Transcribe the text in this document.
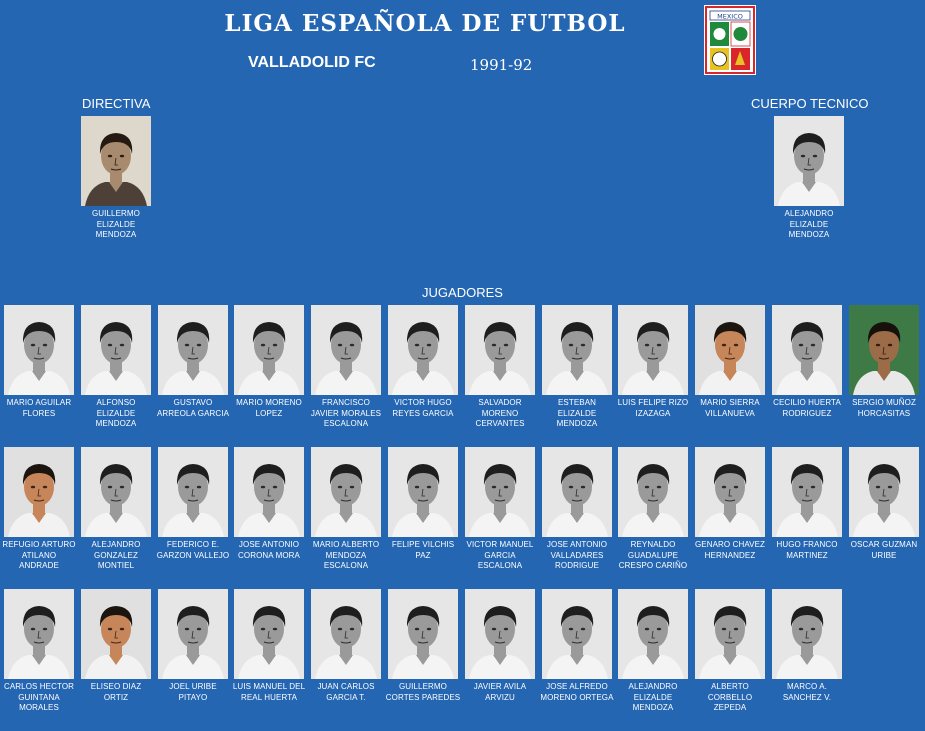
LIGA ESPAÑOLA DE FUTBOL
VALLADOLID FC	1991-92
MEXICO
DIRECTIVA	CUERPO TECNICO
JUGADORES
GUILLERMO ELIZALDE MENDOZA
ALEJANDRO ELIZALDE MENDOZA
MARIO AGUILAR FLORES
ALFONSO ELIZALDE MENDOZA
GUSTAVO ARREOLA GARCIA
MARIO MORENO LOPEZ
FRANCISCO JAVIER MORALES ESCALONA
VICTOR HUGO REYES GARCIA
SALVADOR MORENO CERVANTES
ESTEBAN ELIZALDE MENDOZA
LUIS FELIPE RIZO IZAZAGA
MARIO SIERRA VILLANUEVA
CECILIO HUERTA RODRIGUEZ
SERGIO MUÑOZ HORCASITAS
REFUGIO ARTURO ATILANO ANDRADE
ALEJANDRO GONZALEZ MONTIEL
FEDERICO E. GARZON VALLEJO
JOSE ANTONIO CORONA MORA
MARIO ALBERTO MENDOZA ESCALONA
FELIPE VILCHIS PAZ
VICTOR MANUEL GARCIA ESCALONA
JOSE ANTONIO VALLADARES RODRIGUE
REYNALDO GUADALUPE CRESPO CARIÑO
GENARO CHAVEZ HERNANDEZ
HUGO FRANCO MARTINEZ
OSCAR GUZMAN URIBE
CARLOS HECTOR GUINTANA MORALES
ELISEO DIAZ ORTIZ
JOEL URIBE PITAYO
LUIS MANUEL DEL REAL HUERTA
JUAN CARLOS GARCIA T.
GUILLERMO CORTES PAREDES
JAVIER AVILA ARVIZU
JOSE ALFREDO MORENO ORTEGA
ALEJANDRO ELIZALDE MENDOZA
ALBERTO CORBELLO ZEPEDA
MARCO A. SANCHEZ V.
